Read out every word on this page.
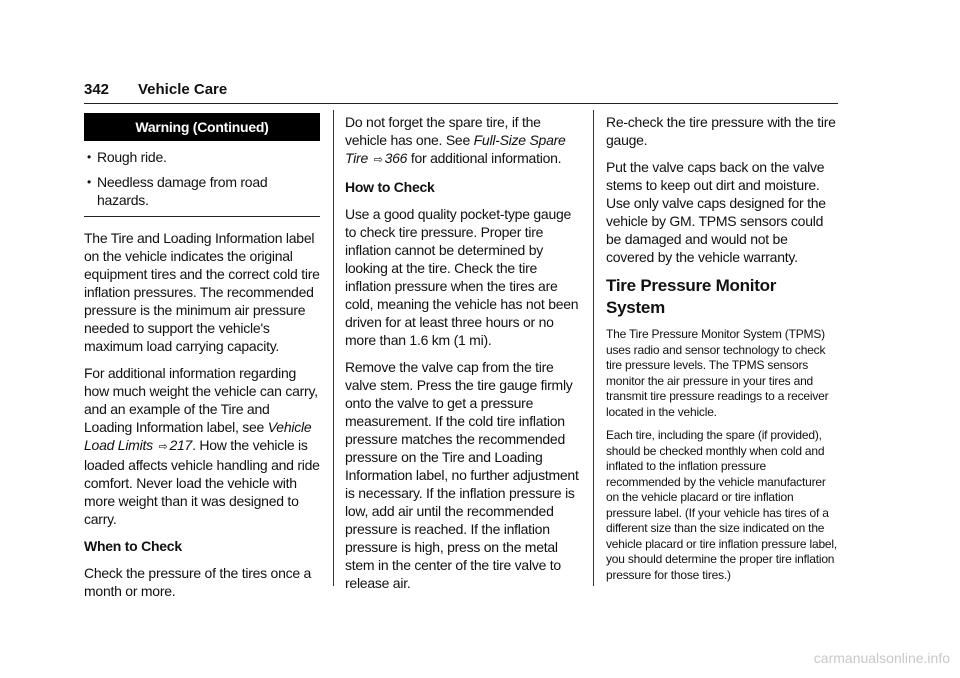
342 Vehicle Care
Warning (Continued)
• Rough ride.
• Needless damage from road hazards.

The Tire and Loading Information label on the vehicle indicates the original equipment tires and the correct cold tire inflation pressures. The recommended pressure is the minimum air pressure needed to support the vehicle's maximum load carrying capacity.

For additional information regarding how much weight the vehicle can carry, and an example of the Tire and Loading Information label, see Vehicle Load Limits ⇨ 217. How the vehicle is loaded affects vehicle handling and ride comfort. Never load the vehicle with more weight than it was designed to carry.

When to Check

Check the pressure of the tires once a month or more.

Do not forget the spare tire, if the vehicle has one. See Full-Size Spare Tire ⇨ 366 for additional information.

How to Check

Use a good quality pocket-type gauge to check tire pressure. Proper tire inflation cannot be determined by looking at the tire. Check the tire inflation pressure when the tires are cold, meaning the vehicle has not been driven for at least three hours or no more than 1.6 km (1 mi).

Remove the valve cap from the tire valve stem. Press the tire gauge firmly onto the valve to get a pressure measurement. If the cold tire inflation pressure matches the recommended pressure on the Tire and Loading Information label, no further adjustment is necessary. If the inflation pressure is low, add air until the recommended pressure is reached. If the inflation pressure is high, press on the metal stem in the center of the tire valve to release air.

Re-check the tire pressure with the tire gauge.

Put the valve caps back on the valve stems to keep out dirt and moisture. Use only valve caps designed for the vehicle by GM. TPMS sensors could be damaged and would not be covered by the vehicle warranty.

Tire Pressure Monitor System

The Tire Pressure Monitor System (TPMS) uses radio and sensor technology to check tire pressure levels. The TPMS sensors monitor the air pressure in your tires and transmit tire pressure readings to a receiver located in the vehicle.

Each tire, including the spare (if provided), should be checked monthly when cold and inflated to the inflation pressure recommended by the vehicle manufacturer on the vehicle placard or tire inflation pressure label. (If your vehicle has tires of a different size than the size indicated on the vehicle placard or tire inflation pressure label, you should determine the proper tire inflation pressure for those tires.)

carmanualsonline.info
